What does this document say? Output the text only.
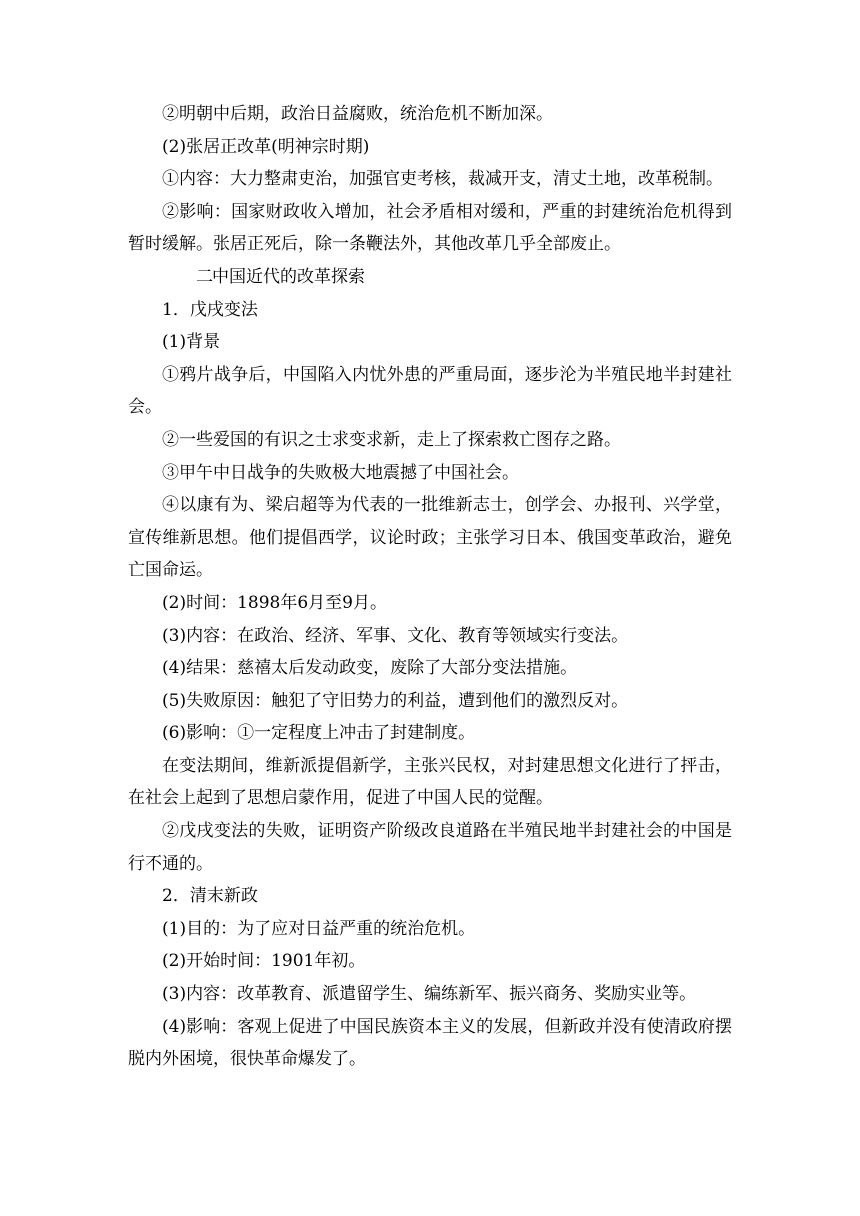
②明朝中后期，政治日益腐败，统治危机不断加深。

(2)张居正改革(明神宗时期)

①内容：大力整肃吏治，加强官吏考核，裁减开支，清丈土地，改革税制。

②影响：国家财政收入增加，社会矛盾相对缓和，严重的封建统治危机得到暂时缓解。张居正死后，除一条鞭法外，其他改革几乎全部废止。

二中国近代的改革探索

1．戊戌变法

(1)背景

①鸦片战争后，中国陷入内忧外患的严重局面，逐步沦为半殖民地半封建社会。

②一些爱国的有识之士求变求新，走上了探索救亡图存之路。

③甲午中日战争的失败极大地震撼了中国社会。

④以康有为、梁启超等为代表的一批维新志士，创学会、办报刊、兴学堂，宣传维新思想。他们提倡西学，议论时政；主张学习日本、俄国变革政治，避免亡国命运。

(2)时间：1898年6月至9月。

(3)内容：在政治、经济、军事、文化、教育等领域实行变法。

(4)结果：慈禧太后发动政变，废除了大部分变法措施。

(5)失败原因：触犯了守旧势力的利益，遭到他们的激烈反对。

(6)影响：①一定程度上冲击了封建制度。

在变法期间，维新派提倡新学，主张兴民权，对封建思想文化进行了抨击，在社会上起到了思想启蒙作用，促进了中国人民的觉醒。

②戊戌变法的失败，证明资产阶级改良道路在半殖民地半封建社会的中国是行不通的。

2．清末新政

(1)目的：为了应对日益严重的统治危机。

(2)开始时间：1901年初。

(3)内容：改革教育、派遣留学生、编练新军、振兴商务、奖励实业等。

(4)影响：客观上促进了中国民族资本主义的发展，但新政并没有使清政府摆脱内外困境，很快革命爆发了。
